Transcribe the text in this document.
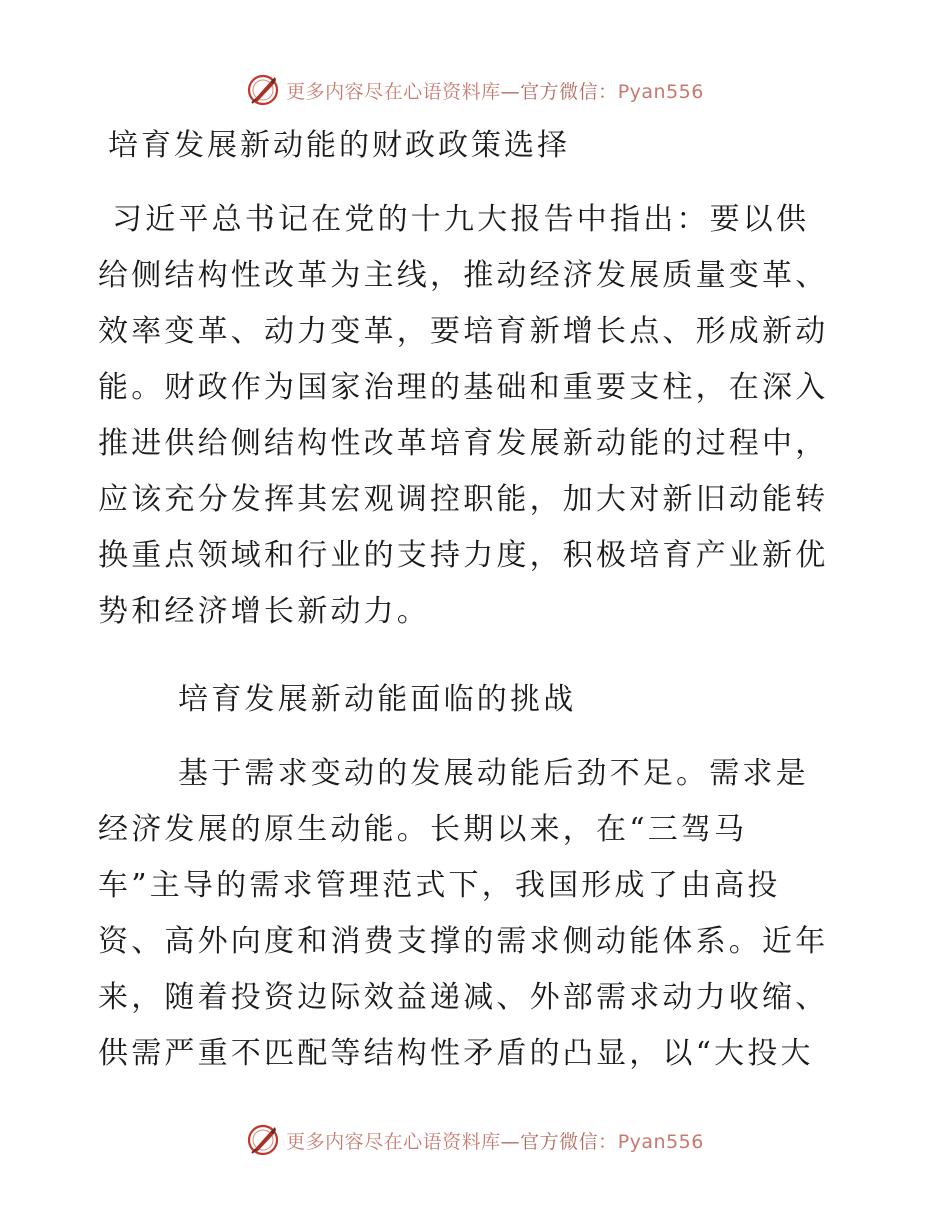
更多内容尽在心语资料库—官方微信：Pyan556
培育发展新动能的财政政策选择
习近平总书记在党的十九大报告中指出：要以供
给侧结构性改革为主线，推动经济发展质量变革、
效率变革、动力变革，要培育新增长点、形成新动
能。财政作为国家治理的基础和重要支柱，在深入
推进供给侧结构性改革培育发展新动能的过程中，
应该充分发挥其宏观调控职能，加大对新旧动能转
换重点领域和行业的支持力度，积极培育产业新优
势和经济增长新动力。
培育发展新动能面临的挑战
基于需求变动的发展动能后劲不足。需求是
经济发展的原生动能。长期以来，在“三驾马
车”主导的需求管理范式下，我国形成了由高投
资、高外向度和消费支撑的需求侧动能体系。近年
来，随着投资边际效益递减、外部需求动力收缩、
供需严重不匹配等结构性矛盾的凸显，以“大投大
更多内容尽在心语资料库—官方微信：Pyan556
